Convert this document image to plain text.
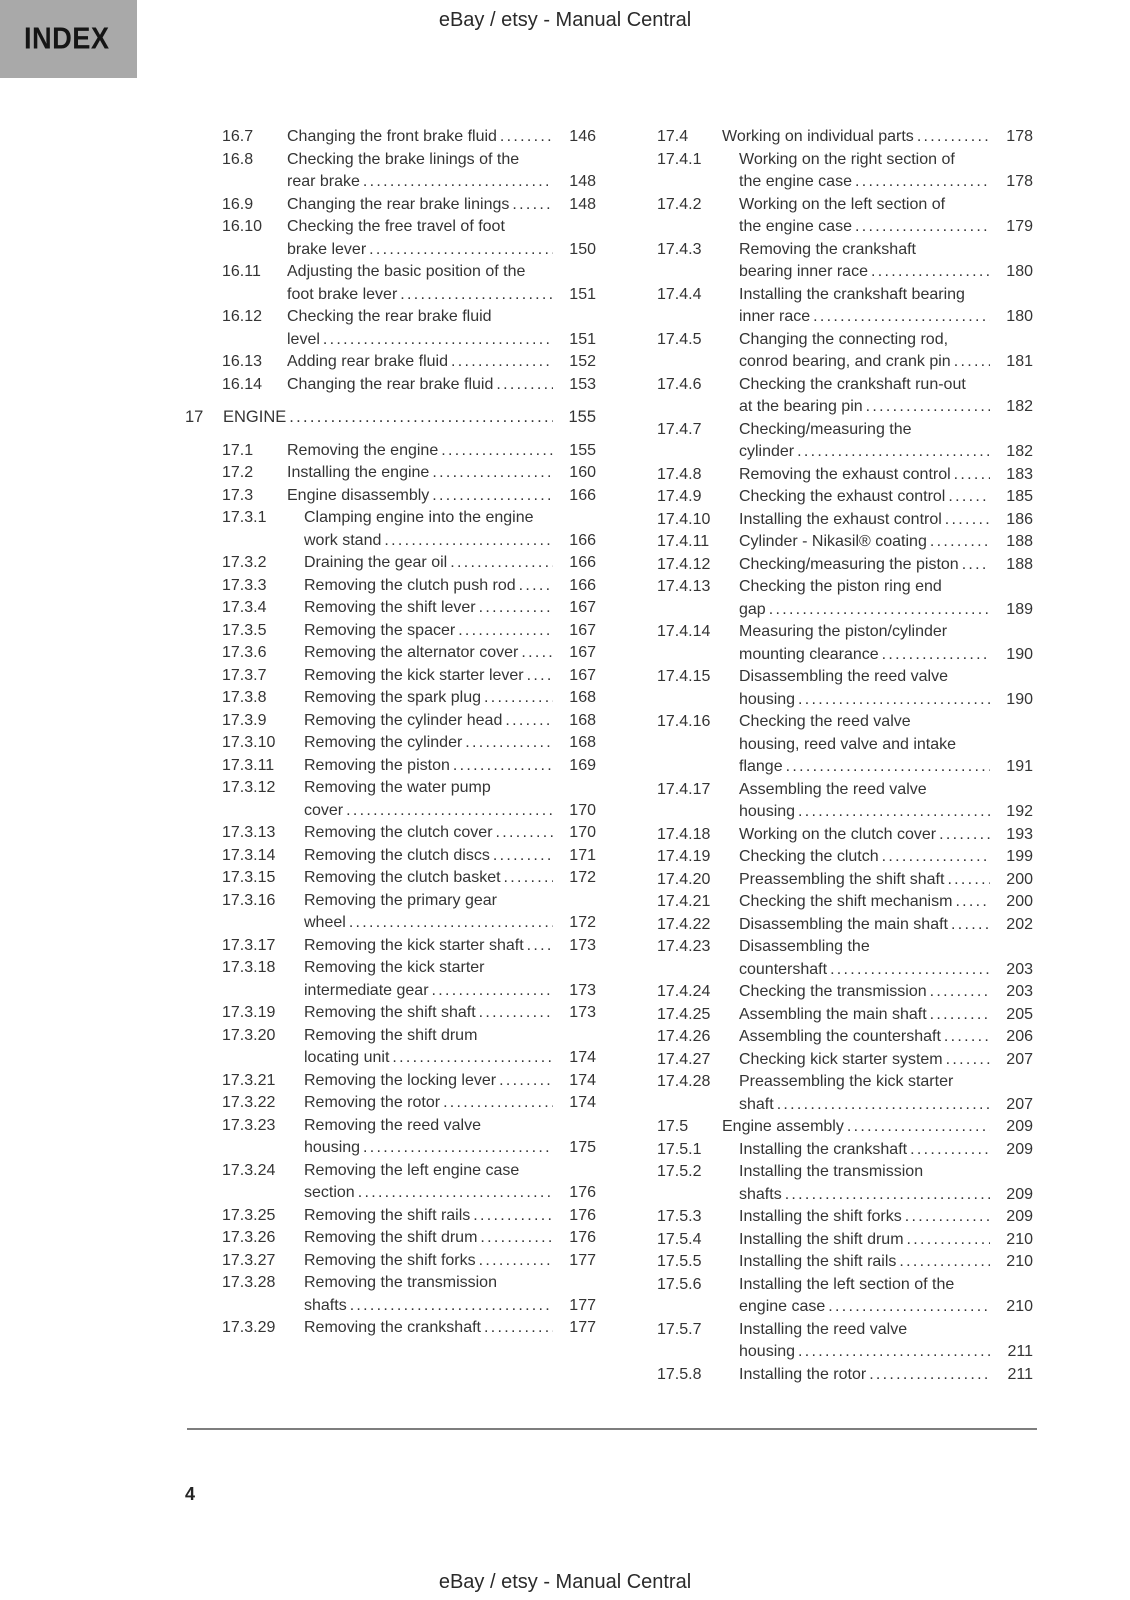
INDEX
eBay / etsy - Manual Central
16.7	Changing the front brake fluid .....	146
16.8	Checking the brake linings of the
rear brake .....	148
16.9	Changing the rear brake linings .....	148
16.10	Checking the free travel of foot
brake lever .....	150
16.11	Adjusting the basic position of the
foot brake lever .....	151
16.12	Checking the rear brake fluid
level .....	151
16.13	Adding rear brake fluid .....	152
16.14	Changing the rear brake fluid .....	153
17	ENGINE .....	155
17.1	Removing the engine .....	155
17.2	Installing the engine .....	160
17.3	Engine disassembly .....	166
17.3.1	Clamping engine into the engine
work stand .....	166
17.3.2	Draining the gear oil .....	166
17.3.3	Removing the clutch push rod .....	166
17.3.4	Removing the shift lever .....	167
17.3.5	Removing the spacer .....	167
17.3.6	Removing the alternator cover .....	167
17.3.7	Removing the kick starter lever .....	167
17.3.8	Removing the spark plug .....	168
17.3.9	Removing the cylinder head .....	168
17.3.10	Removing the cylinder .....	168
17.3.11	Removing the piston .....	169
17.3.12	Removing the water pump
cover .....	170
17.3.13	Removing the clutch cover .....	170
17.3.14	Removing the clutch discs .....	171
17.3.15	Removing the clutch basket .....	172
17.3.16	Removing the primary gear
wheel .....	172
17.3.17	Removing the kick starter shaft .....	173
17.3.18	Removing the kick starter
intermediate gear .....	173
17.3.19	Removing the shift shaft .....	173
17.3.20	Removing the shift drum
locating unit .....	174
17.3.21	Removing the locking lever .....	174
17.3.22	Removing the rotor .....	174
17.3.23	Removing the reed valve
housing .....	175
17.3.24	Removing the left engine case
section .....	176
17.3.25	Removing the shift rails .....	176
17.3.26	Removing the shift drum .....	176
17.3.27	Removing the shift forks .....	177
17.3.28	Removing the transmission
shafts .....	177
17.3.29	Removing the crankshaft .....	177
17.4	Working on individual parts .....	178
17.4.1	Working on the right section of
the engine case .....	178
17.4.2	Working on the left section of
the engine case .....	179
17.4.3	Removing the crankshaft
bearing inner race .....	180
17.4.4	Installing the crankshaft bearing
inner race .....	180
17.4.5	Changing the connecting rod,
conrod bearing, and crank pin .....	181
17.4.6	Checking the crankshaft run-out
at the bearing pin .....	182
17.4.7	Checking/measuring the
cylinder .....	182
17.4.8	Removing the exhaust control .....	183
17.4.9	Checking the exhaust control .....	185
17.4.10	Installing the exhaust control .....	186
17.4.11	Cylinder - Nikasil® coating .....	188
17.4.12	Checking/measuring the piston .....	188
17.4.13	Checking the piston ring end
gap .....	189
17.4.14	Measuring the piston/cylinder
mounting clearance .....	190
17.4.15	Disassembling the reed valve
housing .....	190
17.4.16	Checking the reed valve
housing, reed valve and intake
flange .....	191
17.4.17	Assembling the reed valve
housing .....	192
17.4.18	Working on the clutch cover .....	193
17.4.19	Checking the clutch .....	199
17.4.20	Preassembling the shift shaft .....	200
17.4.21	Checking the shift mechanism .....	200
17.4.22	Disassembling the main shaft .....	202
17.4.23	Disassembling the
countershaft .....	203
17.4.24	Checking the transmission .....	203
17.4.25	Assembling the main shaft .....	205
17.4.26	Assembling the countershaft .....	206
17.4.27	Checking kick starter system .....	207
17.4.28	Preassembling the kick starter
shaft .....	207
17.5	Engine assembly .....	209
17.5.1	Installing the crankshaft .....	209
17.5.2	Installing the transmission
shafts .....	209
17.5.3	Installing the shift forks .....	209
17.5.4	Installing the shift drum .....	210
17.5.5	Installing the shift rails .....	210
17.5.6	Installing the left section of the
engine case .....	210
17.5.7	Installing the reed valve
housing .....	211
17.5.8	Installing the rotor .....	211
4
eBay / etsy - Manual Central
